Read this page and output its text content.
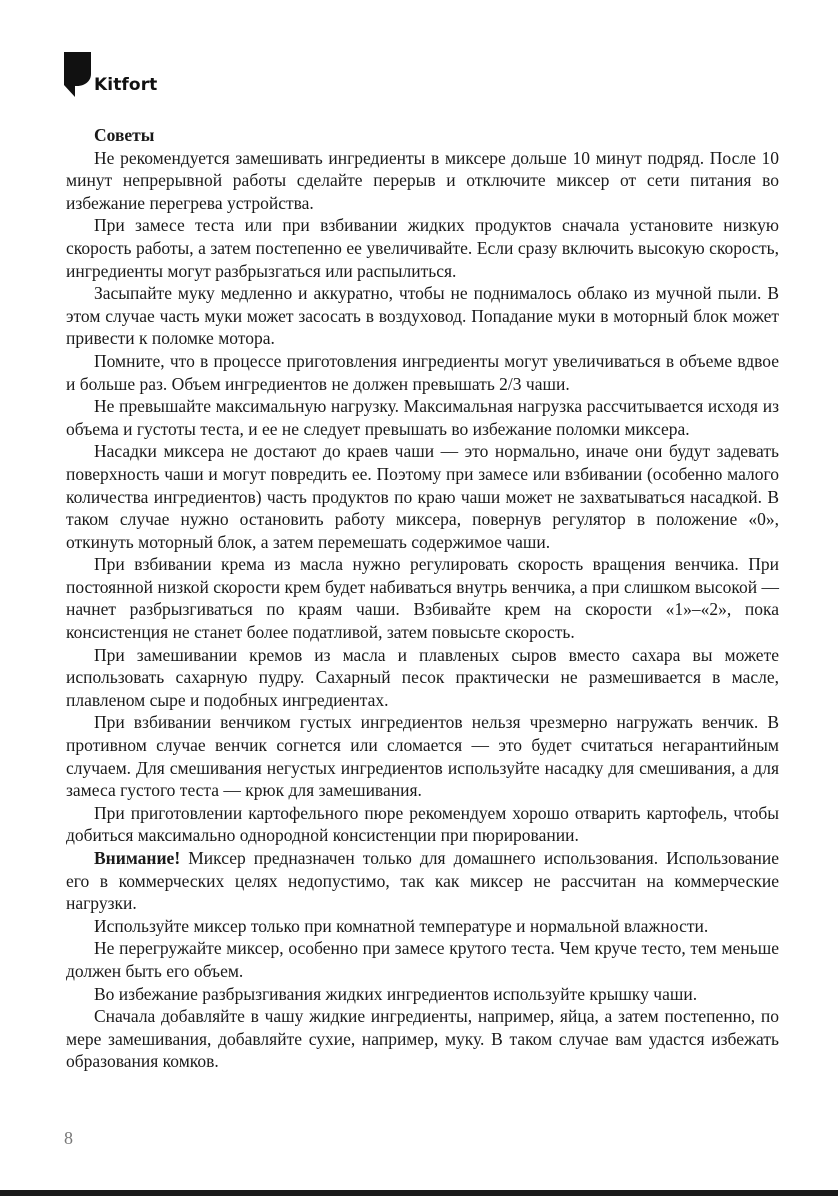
Kitfort

Советы

Не рекомендуется замешивать ингредиенты в миксере дольше 10 минут подряд. После 10 минут непрерывной работы сделайте перерыв и отключите миксер от сети питания во избежание перегрева устройства.

При замесе теста или при взбивании жидких продуктов сначала установите низкую скорость работы, а затем постепенно ее увеличивайте. Если сразу включить высокую скорость, ингредиенты могут разбрызгаться или распылиться.

Засыпайте муку медленно и аккуратно, чтобы не поднималось облако из мучной пыли. В этом случае часть муки может засосать в воздуховод. Попадание муки в моторный блок может привести к поломке мотора.

Помните, что в процессе приготовления ингредиенты могут увеличиваться в объеме вдвое и больше раз. Объем ингредиентов не должен превышать 2/3 чаши.

Не превышайте максимальную нагрузку. Максимальная нагрузка рассчитывается исходя из объема и густоты теста, и ее не следует превышать во избежание поломки миксера.

Насадки миксера не достают до краев чаши — это нормально, иначе они будут задевать поверхность чаши и могут повредить ее. Поэтому при замесе или взбивании (особенно малого количества ингредиентов) часть продуктов по краю чаши может не захватываться насадкой. В таком случае нужно остановить работу миксера, повернув регулятор в положение «0», откинуть моторный блок, а затем перемешать содержимое чаши.

При взбивании крема из масла нужно регулировать скорость вращения венчика. При постоянной низкой скорости крем будет набиваться внутрь венчика, а при слишком высокой — начнет разбрызгиваться по краям чаши. Взбивайте крем на скорости «1»–«2», пока консистенция не станет более податливой, затем повысьте скорость.

При замешивании кремов из масла и плавленых сыров вместо сахара вы можете использовать сахарную пудру. Сахарный песок практически не размешивается в масле, плавленом сыре и подобных ингредиентах.

При взбивании венчиком густых ингредиентов нельзя чрезмерно нагружать венчик. В противном случае венчик согнется или сломается — это будет считаться негарантийным случаем. Для смешивания негустых ингредиентов используйте насадку для смешивания, а для замеса густого теста — крюк для замешивания.

При приготовлении картофельного пюре рекомендуем хорошо отварить картофель, чтобы добиться максимально однородной консистенции при пюрировании.

Внимание! Миксер предназначен только для домашнего использования. Использование его в коммерческих целях недопустимо, так как миксер не рассчитан на коммерческие нагрузки.

Используйте миксер только при комнатной температуре и нормальной влажности.

Не перегружайте миксер, особенно при замесе крутого теста. Чем круче тесто, тем меньше должен быть его объем.

Во избежание разбрызгивания жидких ингредиентов используйте крышку чаши.

Сначала добавляйте в чашу жидкие ингредиенты, например, яйца, а затем постепенно, по мере замешивания, добавляйте сухие, например, муку. В таком случае вам удастся избежать образования комков.

8
